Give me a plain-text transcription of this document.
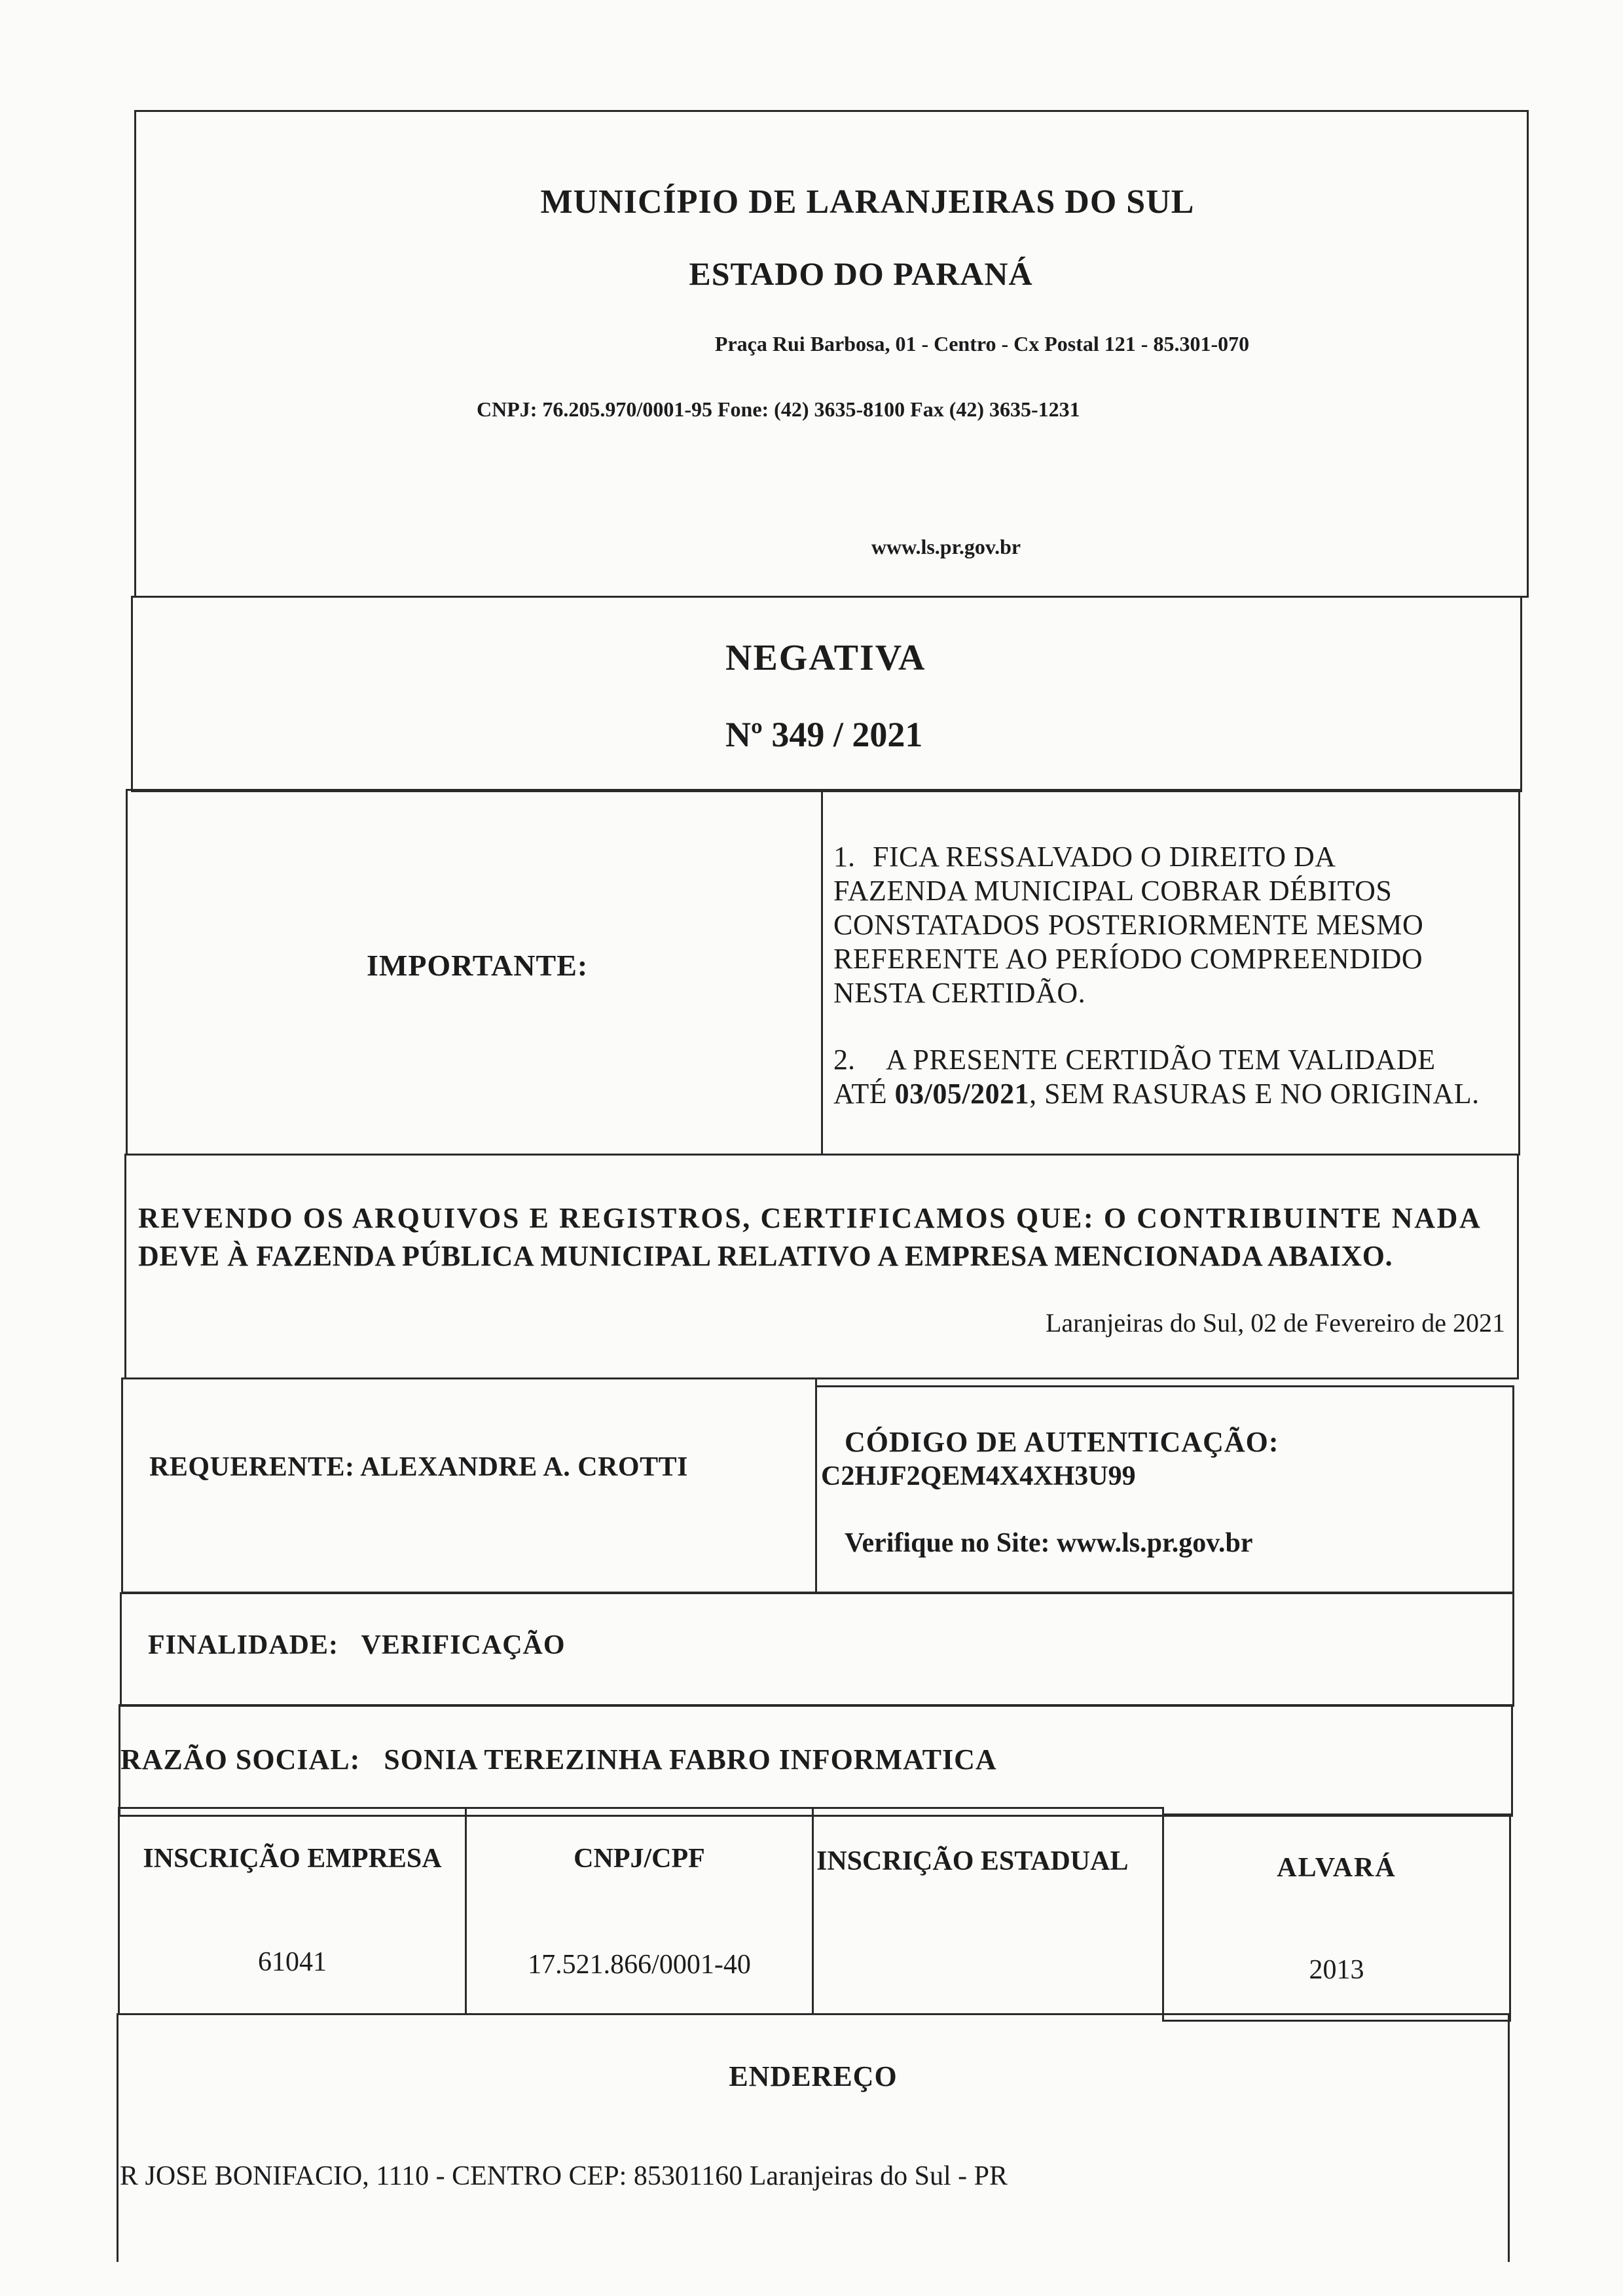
MUNICÍPIO DE LARANJEIRAS DO SUL
ESTADO DO PARANÁ
Praça Rui Barbosa, 01 - Centro - Cx Postal 121 - 85.301-070
CNPJ: 76.205.970/0001-95 Fone: (42) 3635-8100 Fax (42) 3635-1231
www.ls.pr.gov.br
NEGATIVA
Nº 349 / 2021
IMPORTANTE:
1. FICA RESSALVADO O DIREITO DA
FAZENDA MUNICIPAL COBRAR DÉBITOS
CONSTATADOS POSTERIORMENTE MESMO
REFERENTE AO PERÍODO COMPREENDIDO
NESTA CERTIDÃO.
2. A PRESENTE CERTIDÃO TEM VALIDADE
ATÉ 03/05/2021, SEM RASURAS E NO ORIGINAL.
REVENDO OS ARQUIVOS E REGISTROS, CERTIFICAMOS QUE: O CONTRIBUINTE NADA
DEVE À FAZENDA PÚBLICA MUNICIPAL RELATIVO A EMPRESA MENCIONADA ABAIXO.
Laranjeiras do Sul, 02 de Fevereiro de 2021
REQUERENTE: ALEXANDRE A. CROTTI
CÓDIGO DE AUTENTICAÇÃO:
C2HJF2QEM4X4XH3U99
Verifique no Site: www.ls.pr.gov.br
FINALIDADE: VERIFICAÇÃO
RAZÃO SOCIAL: SONIA TEREZINHA FABRO INFORMATICA
INSCRIÇÃO EMPRESA
61041
CNPJ/CPF
17.521.866/0001-40
INSCRIÇÃO ESTADUAL	ALVARÁ
2013
ENDEREÇO
R JOSE BONIFACIO, 1110 - CENTRO CEP: 85301160 Laranjeiras do Sul - PR
